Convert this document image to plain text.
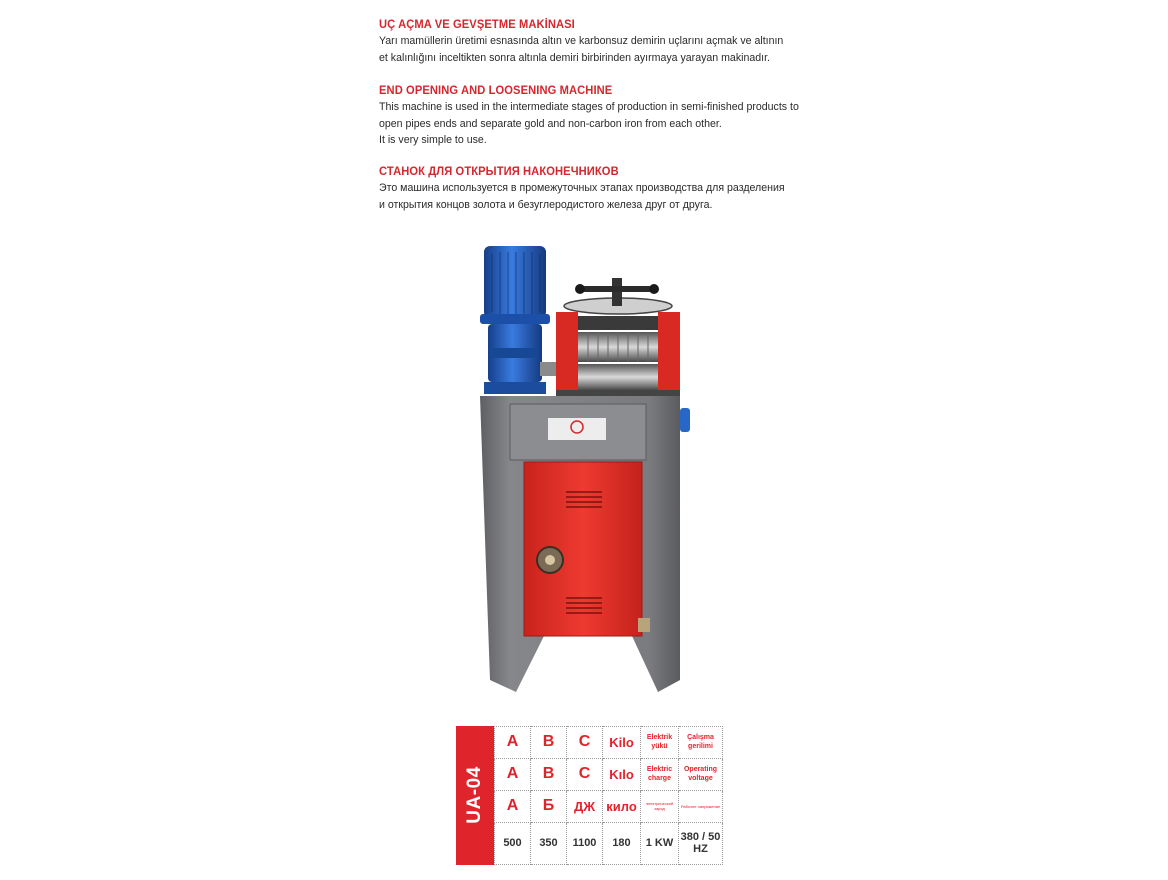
UÇ AÇMA VE GEVŞETME MAKİNASI

Yarı mamüllerin üretimi esnasında altın ve karbonsuz demirin uçlarını açmak ve altının
et kalınlığını inceltikten sonra altınla demiri birbirinden ayırmaya yarayan makinadır.

END OPENING AND LOOSENING MACHINE

This machine is used in the intermediate stages of production in semi-finished products to
open pipes ends and separate gold and non-carbon iron from each other.
It is very simple to use.

СТАНОК ДЛЯ ОТКРЫТИЯ НАКОНЕЧНИКОВ

Это машина используется в промежуточных этапах производства для разделения
и открытия концов золота и безуглеродистого железа друг от друга.

UA-04
A	B	C	Kilo	Elektrik yükü	Çalışma gerilimi
A	B	C	Kılo	Elektric charge	Operating voltage
А	Б	ДЖ	кило	электрический заряд	Рабочее напряжение
500	350	1100	180	1 KW	380 / 50 HZ
